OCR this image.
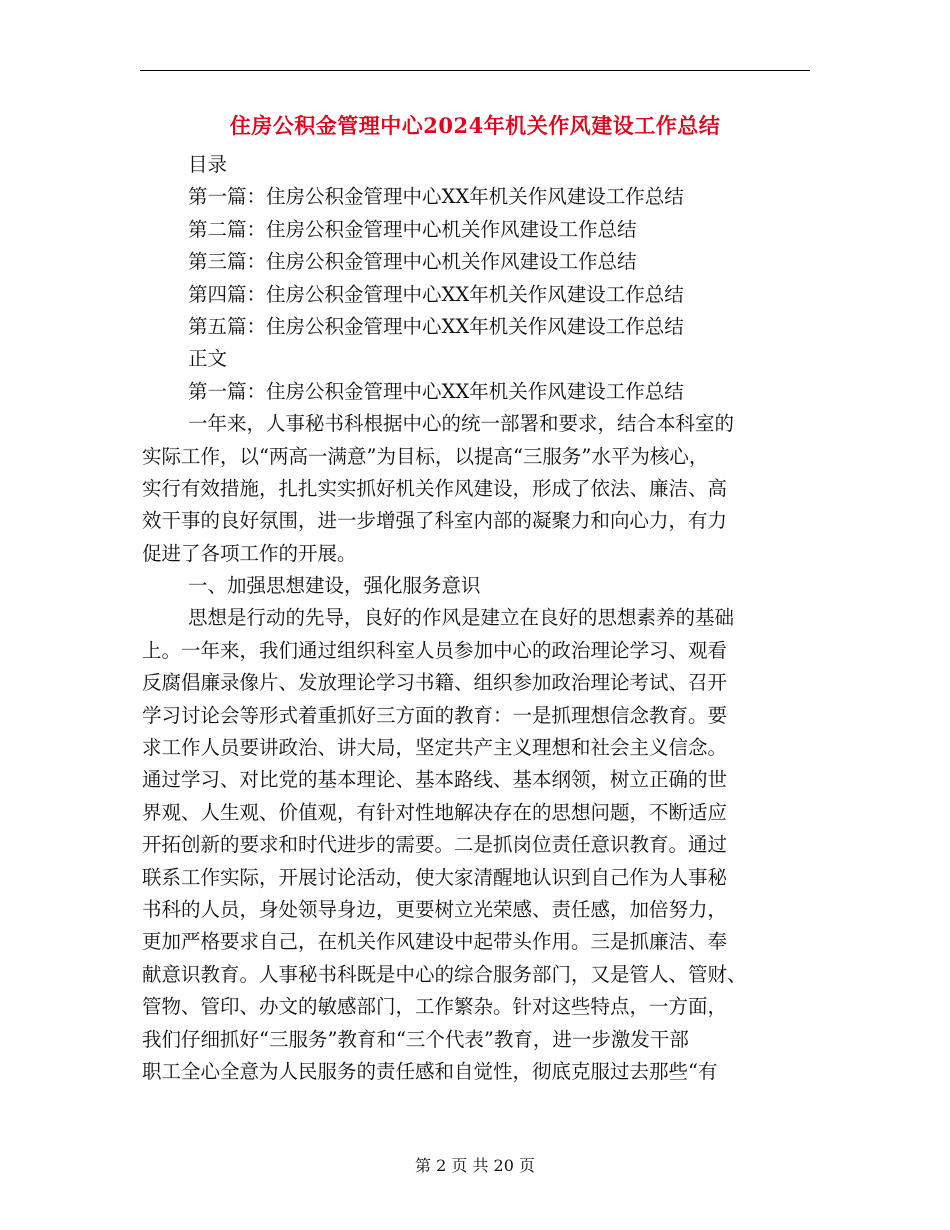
住房公积金管理中心2024年机关作风建设工作总结
目录
第一篇：住房公积金管理中心XX年机关作风建设工作总结
第二篇：住房公积金管理中心机关作风建设工作总结
第三篇：住房公积金管理中心机关作风建设工作总结
第四篇：住房公积金管理中心XX年机关作风建设工作总结
第五篇：住房公积金管理中心XX年机关作风建设工作总结
正文
第一篇：住房公积金管理中心XX年机关作风建设工作总结
一年来，人事秘书科根据中心的统一部署和要求，结合本科室的
实际工作，以“两高一满意”为目标，以提高“三服务”水平为核心，
实行有效措施，扎扎实实抓好机关作风建设，形成了依法、廉洁、高
效干事的良好氛围，进一步增强了科室内部的凝聚力和向心力，有力
促进了各项工作的开展。
一、加强思想建设，强化服务意识
思想是行动的先导，良好的作风是建立在良好的思想素养的基础
上。一年来，我们通过组织科室人员参加中心的政治理论学习、观看
反腐倡廉录像片、发放理论学习书籍、组织参加政治理论考试、召开
学习讨论会等形式着重抓好三方面的教育：一是抓理想信念教育。要
求工作人员要讲政治、讲大局，坚定共产主义理想和社会主义信念。
通过学习、对比党的基本理论、基本路线、基本纲领，树立正确的世
界观、人生观、价值观，有针对性地解决存在的思想问题，不断适应
开拓创新的要求和时代进步的需要。二是抓岗位责任意识教育。通过
联系工作实际，开展讨论活动，使大家清醒地认识到自己作为人事秘
书科的人员，身处领导身边，更要树立光荣感、责任感，加倍努力，
更加严格要求自己，在机关作风建设中起带头作用。三是抓廉洁、奉
献意识教育。人事秘书科既是中心的综合服务部门，又是管人、管财、
管物、管印、办文的敏感部门，工作繁杂。针对这些特点，一方面，
我们仔细抓好“三服务”教育和“三个代表”教育，进一步激发干部
职工全心全意为人民服务的责任感和自觉性，彻底克服过去那些“有
第 2 页 共 20 页
